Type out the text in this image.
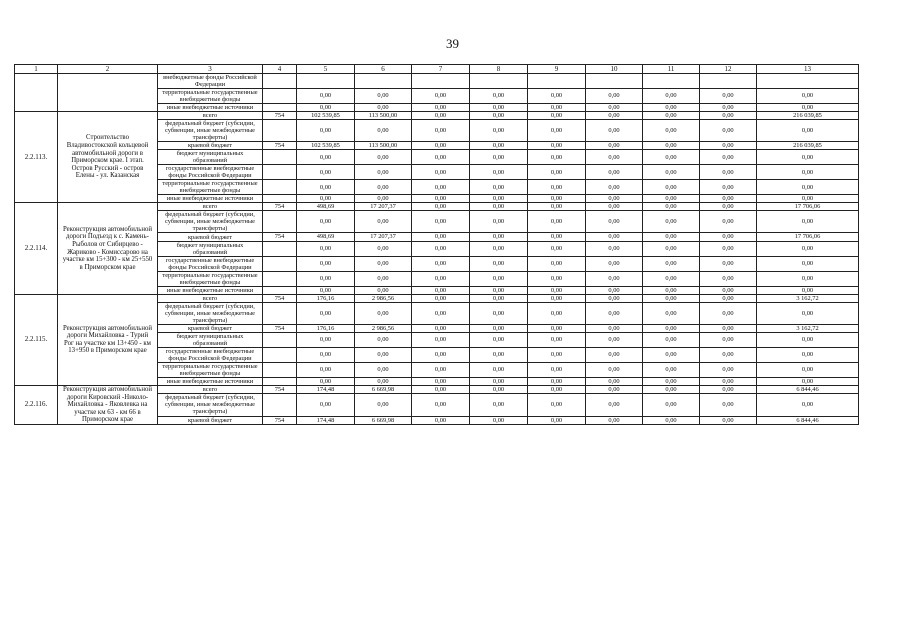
39
1	2	3	4	5	6	7	8	9	10	11	12	13
		внебюджетные фонды Российской Федерации										
		территориальные государственные внебюджетные фонды		0,00	0,00	0,00	0,00	0,00	0,00	0,00	0,00	0,00
		иные внебюджетные источники		0,00	0,00	0,00	0,00	0,00	0,00	0,00	0,00	0,00
2.2.113.	Строительство Владивостокской кольцевой автомобильной дороги в Приморском крае. I этап. Остров Русский - остров Елены - ул. Казанская	всего	754	102 539,85	113 500,00	0,00	0,00	0,00	0,00	0,00	0,00	216 039,85
		федеральный бюджет (субсидии, субвенции, иные межбюджетные трансферты)		0,00	0,00	0,00	0,00	0,00	0,00	0,00	0,00	0,00
		краевой бюджет	754	102 539,85	113 500,00	0,00	0,00	0,00	0,00	0,00	0,00	216 039,85
		бюджет муниципальных образований		0,00	0,00	0,00	0,00	0,00	0,00	0,00	0,00	0,00
		государственные внебюджетные фонды Российской Федерации		0,00	0,00	0,00	0,00	0,00	0,00	0,00	0,00	0,00
		территориальные государственные внебюджетные фонды		0,00	0,00	0,00	0,00	0,00	0,00	0,00	0,00	0,00
		иные внебюджетные источники		0,00	0,00	0,00	0,00	0,00	0,00	0,00	0,00	0,00
2.2.114.	Реконструкция автомобильной дороги Подъезд к с. Камень-Рыболов от Сибирцево - Жариково - Комиссарово на участке км 15+300 - км 25+550 в Приморском крае	всего	754	498,69	17 207,37	0,00	0,00	0,00	0,00	0,00	0,00	17 706,06
		федеральный бюджет (субсидии, субвенции, иные межбюджетные трансферты)		0,00	0,00	0,00	0,00	0,00	0,00	0,00	0,00	0,00
		краевой бюджет	754	498,69	17 207,37	0,00	0,00	0,00	0,00	0,00	0,00	17 706,06
		бюджет муниципальных образований		0,00	0,00	0,00	0,00	0,00	0,00	0,00	0,00	0,00
		государственные внебюджетные фонды Российской Федерации		0,00	0,00	0,00	0,00	0,00	0,00	0,00	0,00	0,00
		территориальные государственные внебюджетные фонды		0,00	0,00	0,00	0,00	0,00	0,00	0,00	0,00	0,00
		иные внебюджетные источники		0,00	0,00	0,00	0,00	0,00	0,00	0,00	0,00	0,00
2.2.115.	Реконструкция автомобильной дороги Михайловка - Турий Рог на участке км 13+450 - км 13+950 в Приморском крае	всего	754	176,16	2 986,56	0,00	0,00	0,00	0,00	0,00	0,00	3 162,72
		федеральный бюджет (субсидии, субвенции, иные межбюджетные трансферты)		0,00	0,00	0,00	0,00	0,00	0,00	0,00	0,00	0,00
		краевой бюджет	754	176,16	2 986,56	0,00	0,00	0,00	0,00	0,00	0,00	3 162,72
		бюджет муниципальных образований		0,00	0,00	0,00	0,00	0,00	0,00	0,00	0,00	0,00
		государственные внебюджетные фонды Российской Федерации		0,00	0,00	0,00	0,00	0,00	0,00	0,00	0,00	0,00
		территориальные государственные внебюджетные фонды		0,00	0,00	0,00	0,00	0,00	0,00	0,00	0,00	0,00
		иные внебюджетные источники		0,00	0,00	0,00	0,00	0,00	0,00	0,00	0,00	0,00
2.2.116.	Реконструкция автомобильной дороги Кировский -Николо-Михайловка - Яковлевка на участке км 63 - км 66 в Приморском крае	всего	754	174,48	6 669,98	0,00	0,00	0,00	0,00	0,00	0,00	6 844,46
		федеральный бюджет (субсидии, субвенции, иные межбюджетные трансферты)		0,00	0,00	0,00	0,00	0,00	0,00	0,00	0,00	0,00
		краевой бюджет	754	174,48	6 669,98	0,00	0,00	0,00	0,00	0,00	0,00	6 844,46
